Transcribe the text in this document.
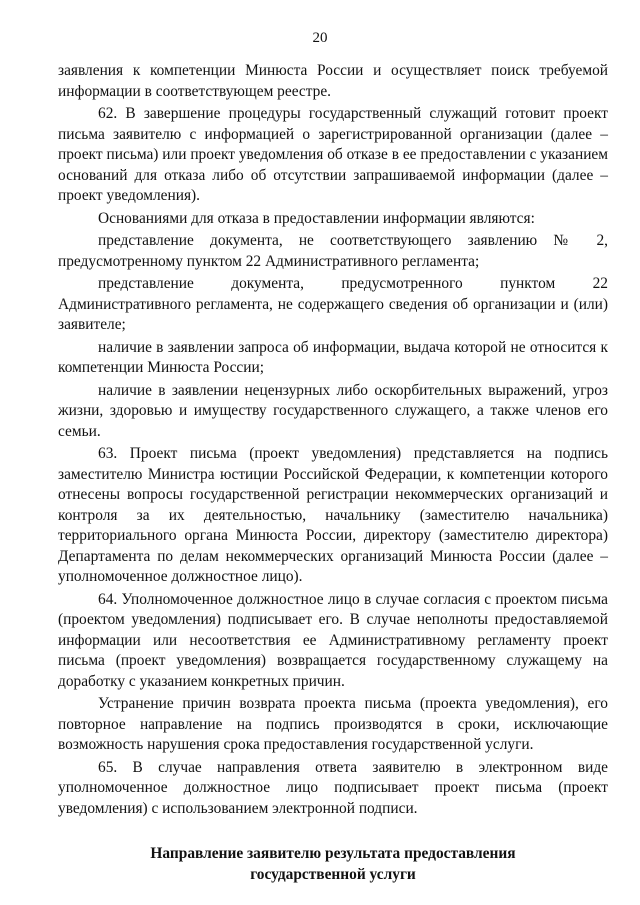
20

заявления к компетенции Минюста России и осуществляет поиск требуемой информации в соответствующем реестре.

62. В завершение процедуры государственный служащий готовит проект письма заявителю с информацией о зарегистрированной организации (далее – проект письма) или проект уведомления об отказе в ее предоставлении с указанием оснований для отказа либо об отсутствии запрашиваемой информации (далее – проект уведомления).

Основаниями для отказа в предоставлении информации являются:

представление документа, не соответствующего заявлению № 2, предусмотренному пунктом 22 Административного регламента;

представление документа, предусмотренного пунктом 22 Административного регламента, не содержащего сведения об организации и (или) заявителе;

наличие в заявлении запроса об информации, выдача которой не относится к компетенции Минюста России;

наличие в заявлении нецензурных либо оскорбительных выражений, угроз жизни, здоровью и имуществу государственного служащего, а также членов его семьи.

63. Проект письма (проект уведомления) представляется на подпись заместителю Министра юстиции Российской Федерации, к компетенции которого отнесены вопросы государственной регистрации некоммерческих организаций и контроля за их деятельностью, начальнику (заместителю начальника) территориального органа Минюста России, директору (заместителю директора) Департамента по делам некоммерческих организаций Минюста России (далее – уполномоченное должностное лицо).

64. Уполномоченное должностное лицо в случае согласия с проектом письма (проектом уведомления) подписывает его. В случае неполноты предоставляемой информации или несоответствия ее Административному регламенту проект письма (проект уведомления) возвращается государственному служащему на доработку с указанием конкретных причин.

Устранение причин возврата проекта письма (проекта уведомления), его повторное направление на подпись производятся в сроки, исключающие возможность нарушения срока предоставления государственной услуги.

65. В случае направления ответа заявителю в электронном виде уполномоченное должностное лицо подписывает проект письма (проект уведомления) с использованием электронной подписи.

Направление заявителю результата предоставления
государственной услуги
